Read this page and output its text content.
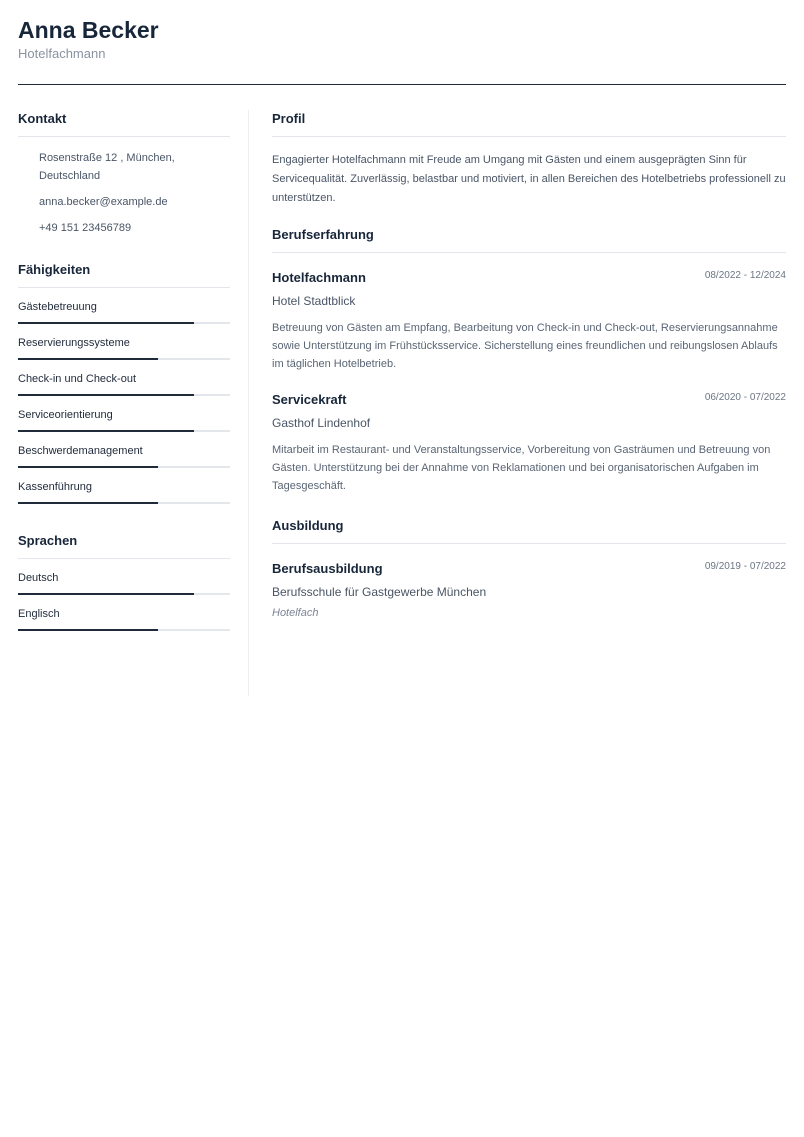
Anna Becker
Hotelfachmann
Kontakt
Rosenstraße 12 , München, Deutschland
anna.becker@example.de
+49 151 23456789
Fähigkeiten
Gästebetreuung
Reservierungssysteme
Check-in und Check-out
Serviceorientierung
Beschwerdemanagement
Kassenführung
Sprachen
Deutsch
Englisch
Profil
Engagierter Hotelfachmann mit Freude am Umgang mit Gästen und einem ausgeprägten Sinn für Servicequalität. Zuverlässig, belastbar und motiviert, in allen Bereichen des Hotelbetriebs professionell zu unterstützen.
Berufserfahrung
Hotelfachmann	08/2022 - 12/2024
Hotel Stadtblick
Betreuung von Gästen am Empfang, Bearbeitung von Check-in und Check-out, Reservierungsannahme sowie Unterstützung im Frühstücksservice. Sicherstellung eines freundlichen und reibungslosen Ablaufs im täglichen Hotelbetrieb.
Servicekraft	06/2020 - 07/2022
Gasthof Lindenhof
Mitarbeit im Restaurant- und Veranstaltungsservice, Vorbereitung von Gasträumen und Betreuung von Gästen. Unterstützung bei der Annahme von Reklamationen und bei organisatorischen Aufgaben im Tagesgeschäft.
Ausbildung
Berufsausbildung	09/2019 - 07/2022
Berufsschule für Gastgewerbe München
Hotelfach
